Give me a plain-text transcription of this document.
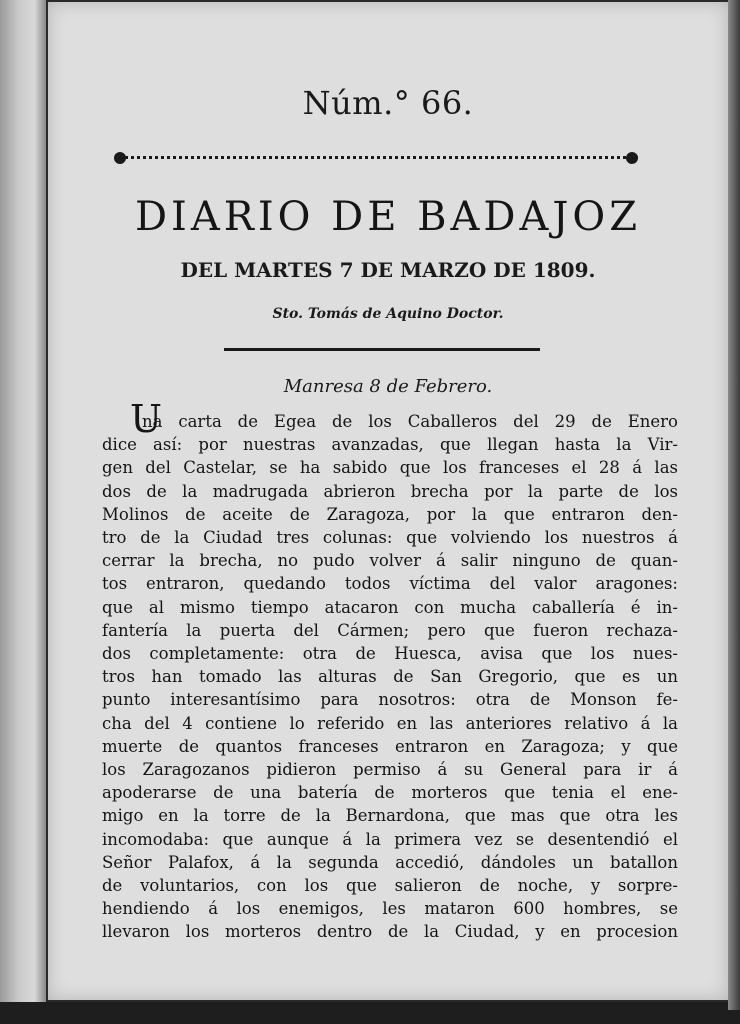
Núm.° 66.
DIARIO DE BADAJOZ
DEL MARTES 7 DE MARZO DE 1809.
Sto. Tomás de Aquino Doctor.
Manresa 8 de Febrero.
U
na carta de Egea de los Caballeros del 29 de Enero
dice así: por nuestras avanzadas, que llegan hasta la Vir-
gen del Castelar, se ha sabido que los franceses el 28 á las
dos de la madrugada abrieron brecha por la parte de los
Molinos de aceite de Zaragoza, por la que entraron den-
tro de la Ciudad tres colunas: que volviendo los nuestros á
cerrar la brecha, no pudo volver á salir ninguno de quan-
tos entraron, quedando todos víctima del valor aragones:
que al mismo tiempo atacaron con mucha caballería é in-
fantería la puerta del Cármen; pero que fueron rechaza-
dos completamente: otra de Huesca, avisa que los nues-
tros han tomado las alturas de San Gregorio, que es un
punto interesantísimo para nosotros: otra de Monson fe-
cha del 4 contiene lo referido en las anteriores relativo á la
muerte de quantos franceses entraron en Zaragoza; y que
los Zaragozanos pidieron permiso á su General para ir á
apoderarse de una batería de morteros que tenia el ene-
migo en la torre de la Bernardona, que mas que otra les
incomodaba: que aunque á la primera vez se desentendió el
Señor Palafox, á la segunda accedió, dándoles un batallon
de voluntarios, con los que salieron de noche, y sorpre-
hendiendo á los enemigos, les mataron 600 hombres, se
llevaron los morteros dentro de la Ciudad, y en procesion
